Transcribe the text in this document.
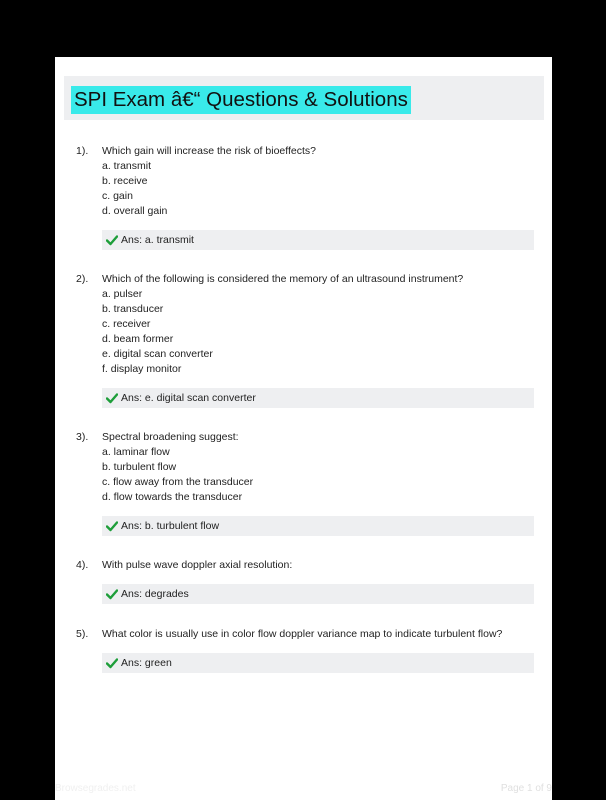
SPI Exam â€“ Questions & Solutions
1). Which gain will increase the risk of bioeffects?
a. transmit
b. receive
c. gain
d. overall gain
Ans: a. transmit
2). Which of the following is considered the memory of an ultrasound instrument?
a. pulser
b. transducer
c. receiver
d. beam former
e. digital scan converter
f. display monitor
Ans: e. digital scan converter
3). Spectral broadening suggest:
a. laminar flow
b. turbulent flow
c. flow away from the transducer
d. flow towards the transducer
Ans: b. turbulent flow
4). With pulse wave doppler axial resolution:
Ans: degrades
5). What color is usually use in color flow doppler variance map to indicate turbulent flow?
Ans: green
Browsegrades.net	Page 1 of 9
